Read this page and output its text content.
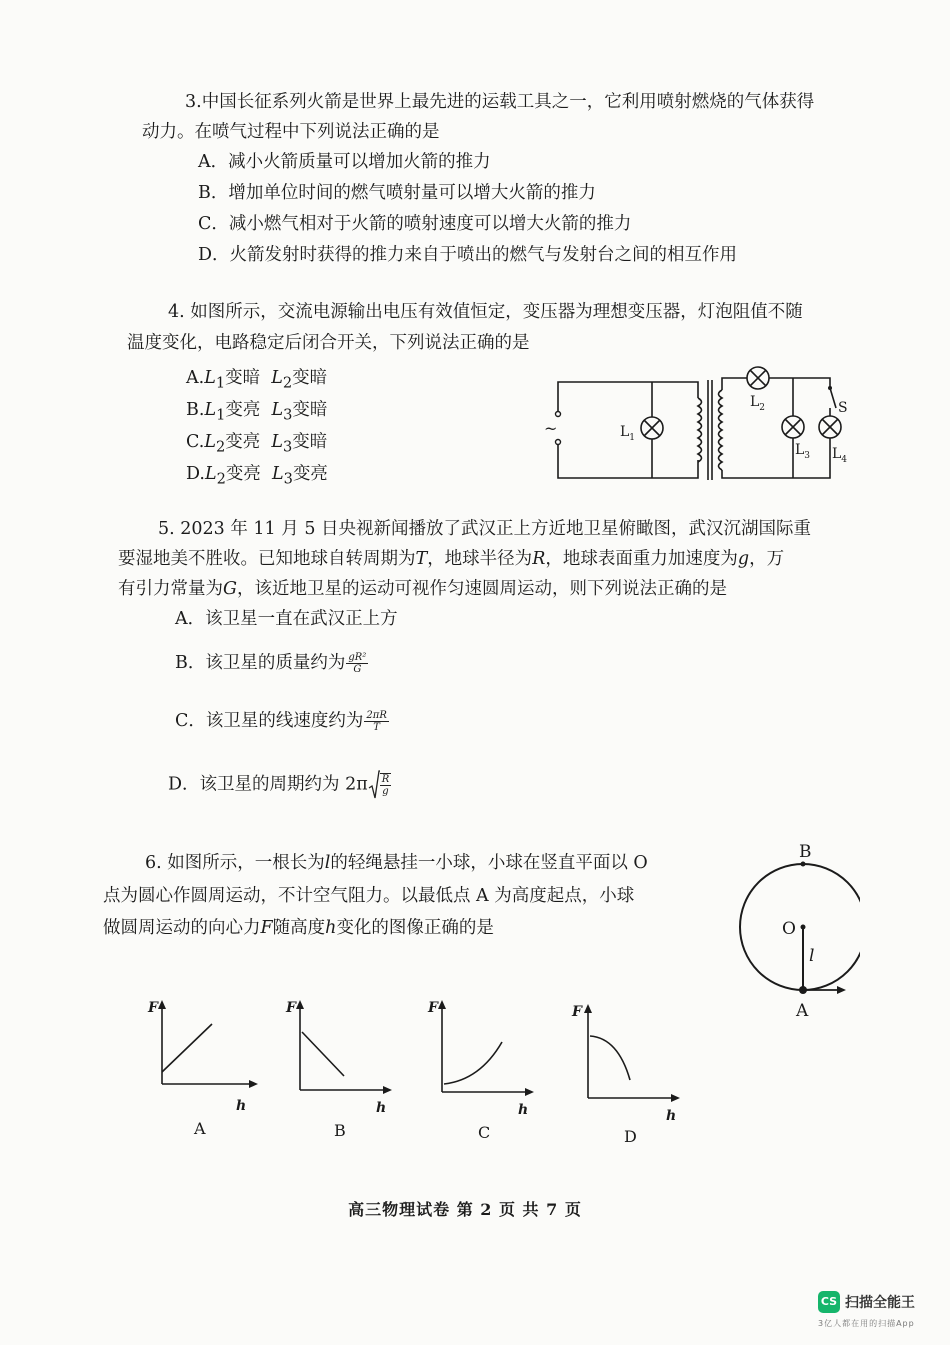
3.中国长征系列火箭是世界上最先进的运载工具之一，它利用喷射燃烧的气体获得
动力。在喷气过程中下列说法正确的是
A．减小火箭质量可以增加火箭的推力
B．增加单位时间的燃气喷射量可以增大火箭的推力
C．减小燃气相对于火箭的喷射速度可以增大火箭的推力
D．火箭发射时获得的推力来自于喷出的燃气与发射台之间的相互作用
4. 如图所示，交流电源输出电压有效值恒定，变压器为理想变压器，灯泡阻值不随
温度变化，电路稳定后闭合开关，下列说法正确的是
$A.L_1$变暗 $L_2$变暗
$B.L_1$变亮 $L_3$变暗
$C.L_2$变亮 $L_3$变暗
$D.L_2$变亮 $L_3$变亮
~	$L_1$
$L_2$
$L_3$ $L_4$
S
5. 2023 年 11 月 5 日央视新闻播放了武汉正上方近地卫星俯瞰图，武汉沉湖国际重
要湿地美不胜收。已知地球自转周期为T，地球半径为R，地球表面重力加速度为g，万
有引力常量为G，该近地卫星的运动可视作匀速圆周运动，则下列说法正确的是
A．该卫星一直在武汉正上方
B．该卫星的质量约为 $\frac{\text{gR²}}{G}$
C．该卫星的线速度约为 $\frac{2\pi R}{T}$
D．该卫星的周期约为 $2\pi \frac{R}{g}$
6. 如图所示，一根长为l的轻绳悬挂一小球，小球在竖直平面以 O
点为圆心作圆周运动，不计空气阻力。以最低点 A 为高度起点，小球
做圆周运动的向心力F随高度h变化的图像正确的是
B
O
l
A
F
h
A
F
h
B
F
h
C
F
h
D
高三物理试卷 第 2 页 共 7 页
CS 扫描全能王
3亿人都在用的扫描App
